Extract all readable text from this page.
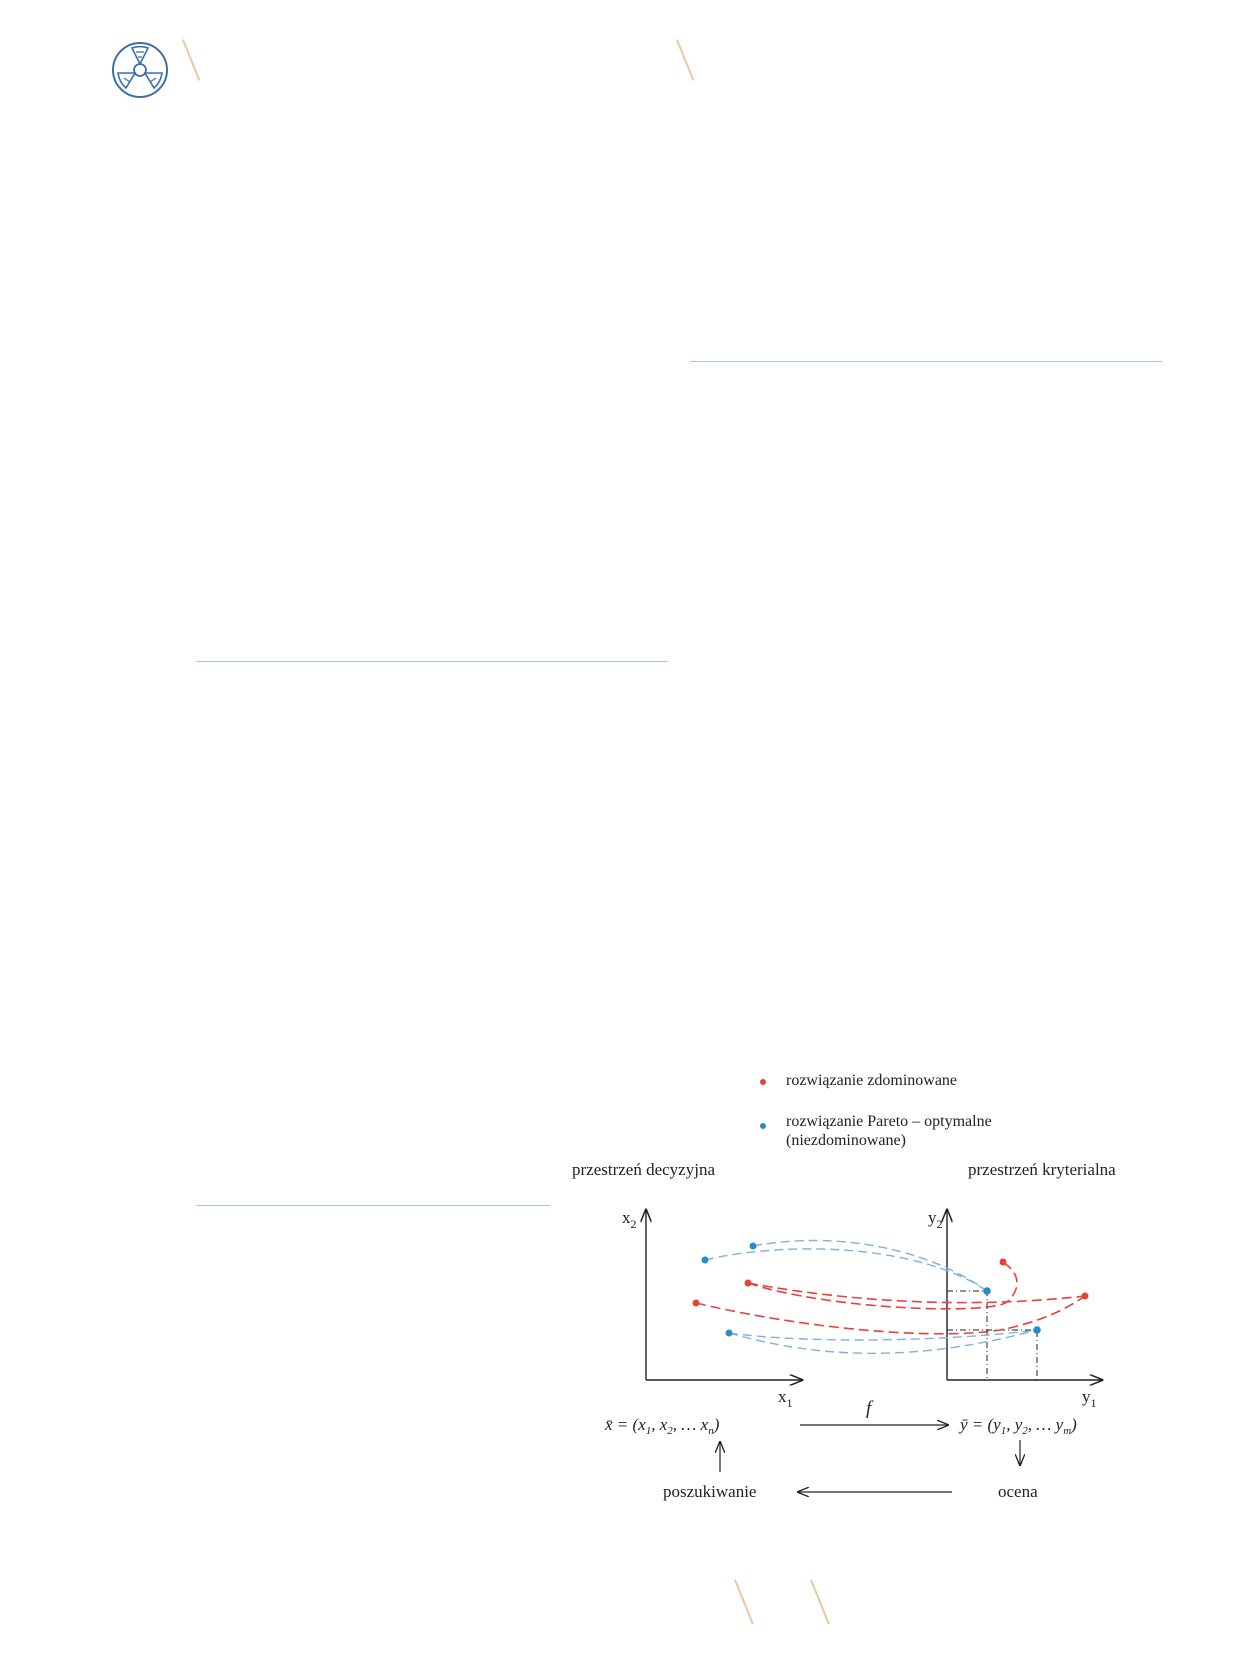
rozwiązanie zdominowane
rozwiązanie Pareto – optymalne
(niezdominowane)
przestrzeń decyzyjna	przestrzeń kryterialna
$x_2$
$x_1$
$y_2$
$y_1$
x̄ = ($x_1$, $x_2$, … $x_n$)
f
ȳ = ($y_1$, $y_2$, … $y_m$)
poszukiwanie	ocena
